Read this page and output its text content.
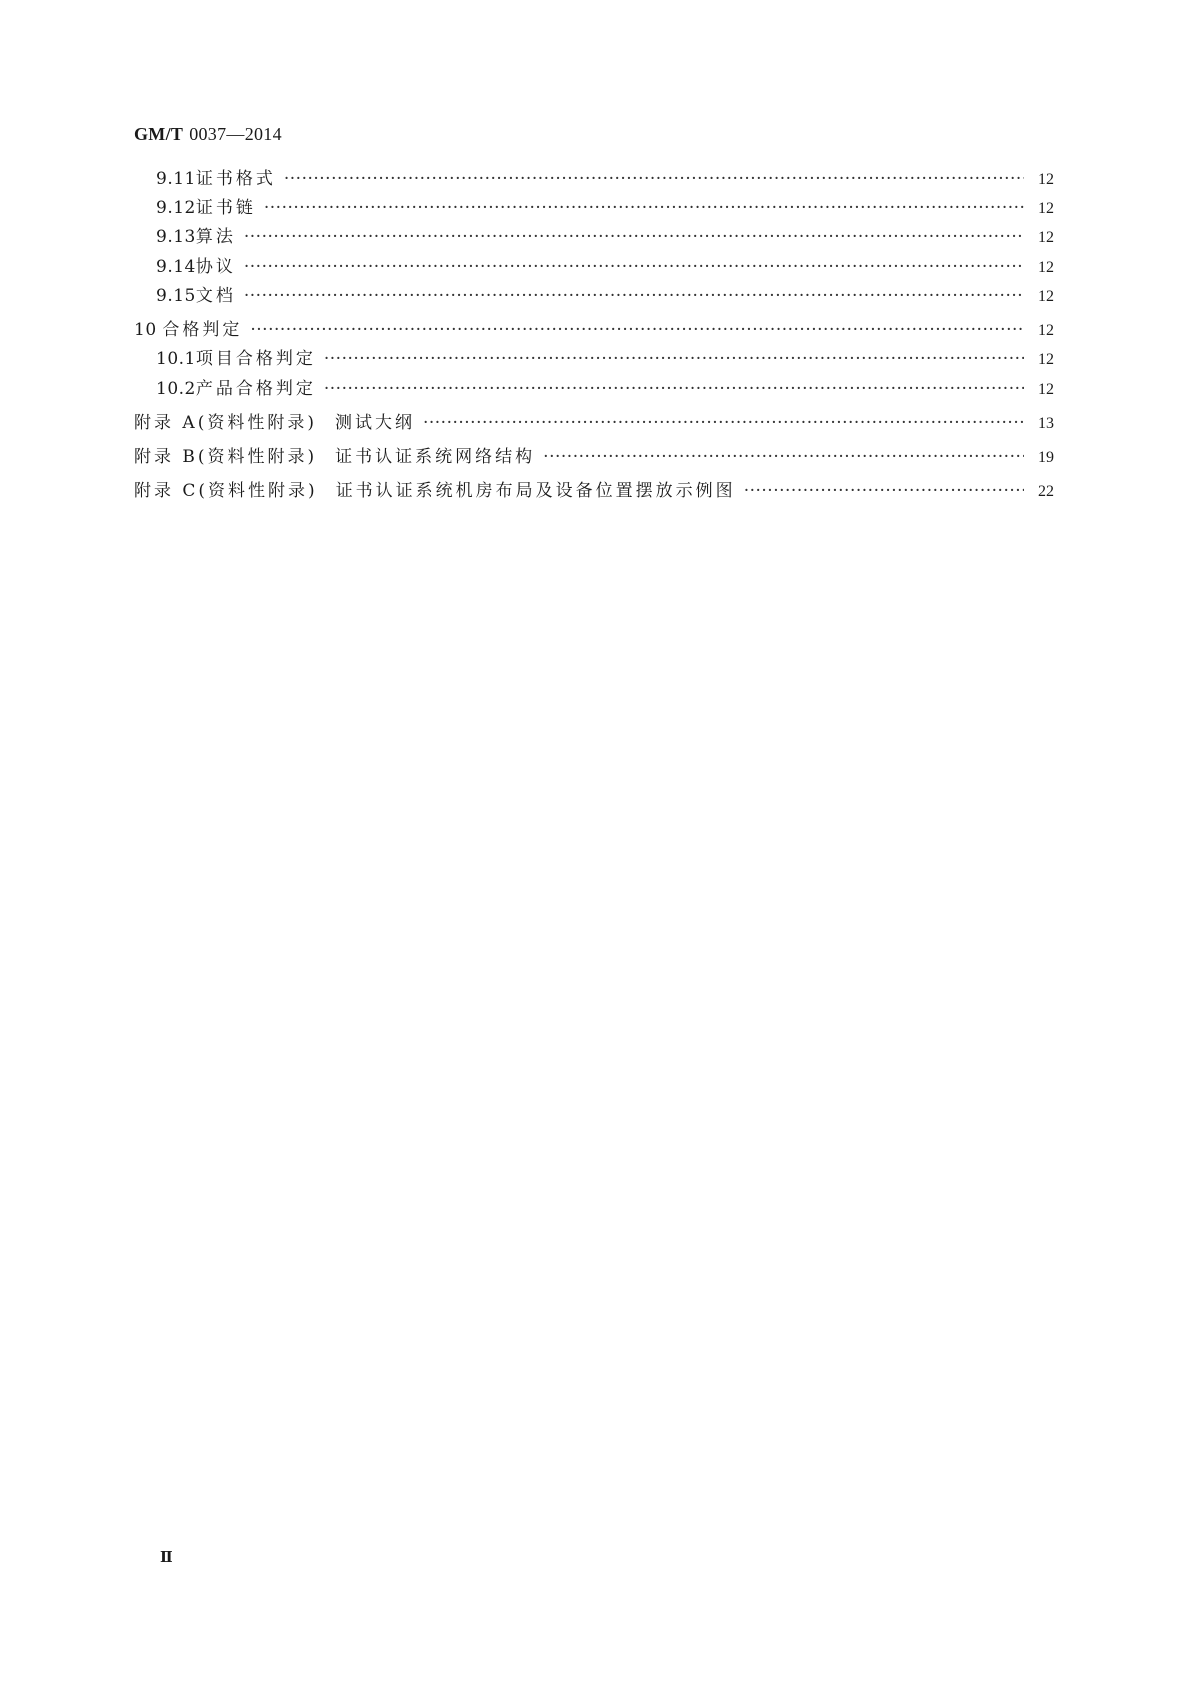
GM/T 0037—2014
9.11 证书格式 ·····	12
9.12 证书链 ·····	12
9.13 算法 ·····	12
9.14 协议 ·····	12
9.15 文档 ·····	12
10 合格判定 ·····	12
10.1 项目合格判定 ·····	12
10.2 产品合格判定 ·····	12
附录 A (资料性附录) 测试大纲 ·····	13
附录 B (资料性附录) 证书认证系统网络结构 ·····	19
附录 C (资料性附录) 证书认证系统机房布局及设备位置摆放示例图 ·····	22
Ⅱ
